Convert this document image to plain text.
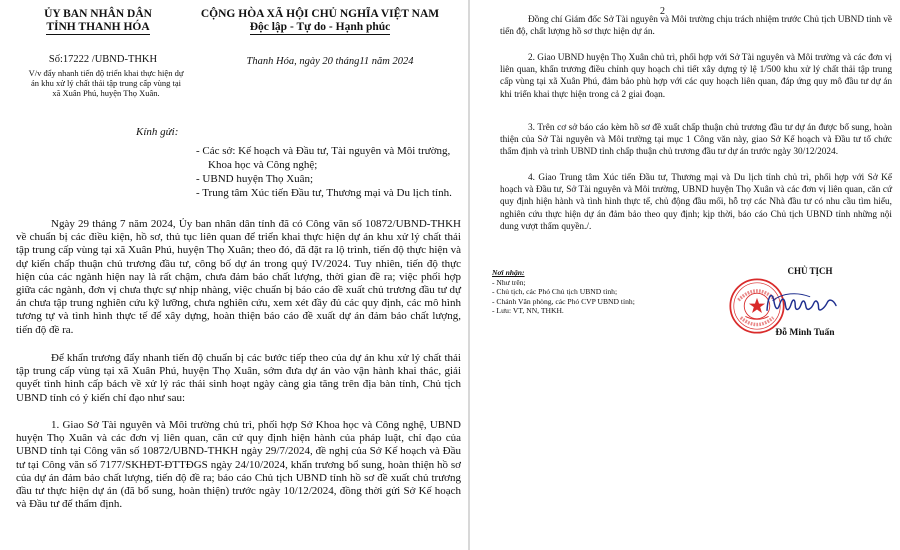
ỦY BAN NHÂN DÂN
TỈNH THANH HÓA
CỘNG HÒA XÃ HỘI CHỦ NGHĨA VIỆT NAM
Độc lập - Tự do - Hạnh phúc
Số:17222 /UBND-THKH
V/v đẩy nhanh tiến độ triển khai thực hiện dự án khu xử lý chất thải tập trung cấp vùng tại xã Xuân Phú, huyện Thọ Xuân.
Thanh Hóa, ngày 20 tháng11 năm 2024
Kính gửi:
- Các sở: Kế hoạch và Đầu tư, Tài nguyên và Môi trường, Khoa học và Công nghệ;
- UBND huyện Thọ Xuân;
- Trung tâm Xúc tiến Đầu tư, Thương mại và Du lịch tỉnh.
Ngày 29 tháng 7 năm 2024, Ủy ban nhân dân tỉnh đã có Công văn số 10872/UBND-THKH về chuẩn bị các điều kiện, hồ sơ, thủ tục liên quan để triển khai thực hiện dự án khu xử lý chất thải tập trung cấp vùng tại xã Xuân Phú, huyện Thọ Xuân; theo đó, đã đặt ra lộ trình, tiến độ thực hiện và dự kiến chấp thuận chủ trương đầu tư, công bố dự án trong quý IV/2024. Tuy nhiên, tiến độ thực hiện của các ngành hiện nay là rất chậm, chưa đảm bảo chất lượng, thời gian đề ra; việc phối hợp giữa các ngành, đơn vị chưa thực sự nhịp nhàng, việc chuẩn bị báo cáo đề xuất chủ trương đầu tư dự án chưa tập trung nghiên cứu kỹ lưỡng, chưa nghiên cứu, xem xét đầy đủ các quy định, các mô hình tương tự và tình hình thực tế để xây dựng, hoàn thiện báo cáo đề xuất dự án đảm bảo chất lượng, tiến độ đề ra.
Để khẩn trương đẩy nhanh tiến độ chuẩn bị các bước tiếp theo của dự án khu xử lý chất thải tập trung cấp vùng tại xã Xuân Phú, huyện Thọ Xuân, sớm đưa dự án vào vận hành khai thác, giải quyết tình hình cấp bách về xử lý rác thải sinh hoạt ngày càng gia tăng trên địa bàn tỉnh, Chủ tịch UBND tỉnh có ý kiến chỉ đạo như sau:
1. Giao Sở Tài nguyên và Môi trường chủ trì, phối hợp Sở Khoa học và Công nghệ, UBND huyện Thọ Xuân và các đơn vị liên quan, căn cứ quy định hiện hành của pháp luật, chỉ đạo của UBND tỉnh tại Công văn số 10872/UBND-THKH ngày 29/7/2024, đề nghị của Sở Kế hoạch và Đầu tư tại Công văn số 7177/SKHĐT-ĐTTĐGS ngày 24/10/2024, khẩn trương bổ sung, hoàn thiện hồ sơ của dự án đảm bảo chất lượng, tiến độ đề ra; báo cáo Chủ tịch UBND tỉnh hồ sơ đề xuất chủ trương đầu tư thực hiện dự án (đã bổ sung, hoàn thiện) trước ngày 10/12/2024, đồng thời gửi Sở Kế hoạch và Đầu tư để thẩm định.
2
Đồng chí Giám đốc Sở Tài nguyên và Môi trường chịu trách nhiệm trước Chủ tịch UBND tỉnh về tiến độ, chất lượng hồ sơ thực hiện dự án.
2. Giao UBND huyện Thọ Xuân chủ trì, phối hợp với Sở Tài nguyên và Môi trường và các đơn vị liên quan, khẩn trương điều chỉnh quy hoạch chi tiết xây dựng tỷ lệ 1/500 khu xử lý chất thải tập trung cấp vùng tại xã Xuân Phú, đảm bảo phù hợp với các quy hoạch liên quan, đáp ứng quy mô đầu tư dự án khi triển khai thực hiện trong cả 2 giai đoạn.
3. Trên cơ sở báo cáo kèm hồ sơ đề xuất chấp thuận chủ trương đầu tư dự án được bổ sung, hoàn thiện của Sở Tài nguyên và Môi trường tại mục 1 Công văn này, giao Sở Kế hoạch và Đầu tư tổ chức thẩm định và trình UBND tỉnh chấp thuận chủ trương đầu tư dự án trước ngày 30/12/2024.
4. Giao Trung tâm Xúc tiến Đầu tư, Thương mại và Du lịch tỉnh chủ trì, phối hợp với Sở Kế hoạch và Đầu tư, Sở Tài nguyên và Môi trường, UBND huyện Thọ Xuân và các đơn vị liên quan, căn cứ quy định hiện hành và tình hình thực tế, chủ động đầu mối, hỗ trợ các Nhà đầu tư có nhu cầu tìm hiểu, nghiên cứu thực hiện dự án đảm bảo theo quy định; kịp thời, báo cáo Chủ tịch UBND tỉnh những nội dung vượt thẩm quyền./.
Nơi nhận:
- Như trên;
- Chủ tịch, các Phó Chủ tịch UBND tỉnh;
- Chánh Văn phòng, các Phó CVP UBND tỉnh;
- Lưu: VT, NN, THKH.
CHỦ TỊCH
Đỗ Minh Tuấn
